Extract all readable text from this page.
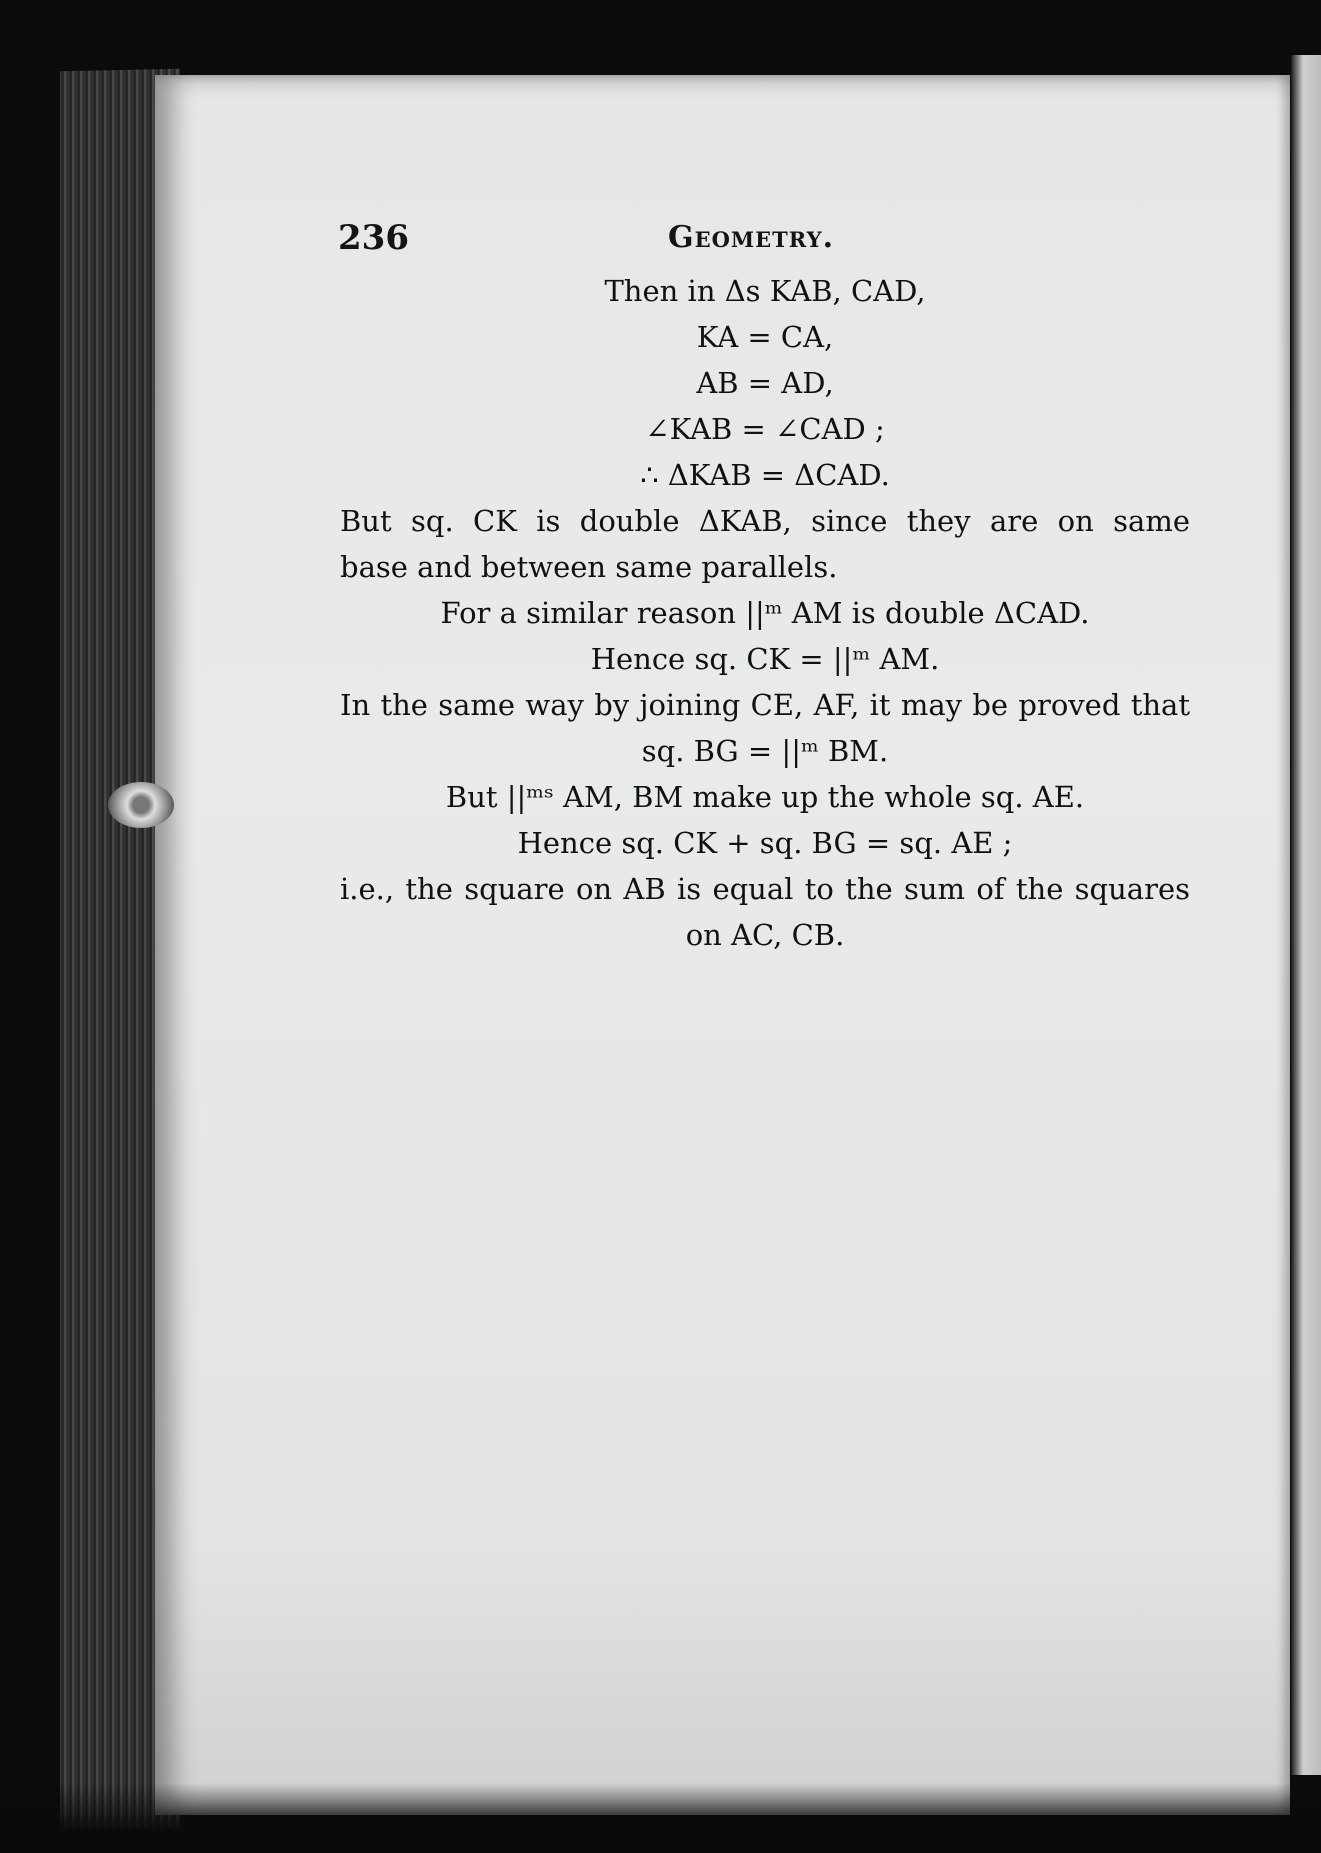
236	Geometry.
Then in Δs KAB, CAD,
KA = CA,
AB = AD,
∠KAB = ∠CAD ;
∴ ΔKAB = ΔCAD.
But sq. CK is double ΔKAB, since they are on same
base and between same parallels.
For a similar reason ||ᵐ AM is double ΔCAD.
Hence sq. CK = ||ᵐ AM.
In the same way by joining CE, AF, it may be proved that
sq. BG = ||ᵐ BM.
But ||ᵐˢ AM, BM make up the whole sq. AE.
Hence sq. CK + sq. BG = sq. AE ;
i.e., the square on AB is equal to the sum of the squares
on AC, CB.
